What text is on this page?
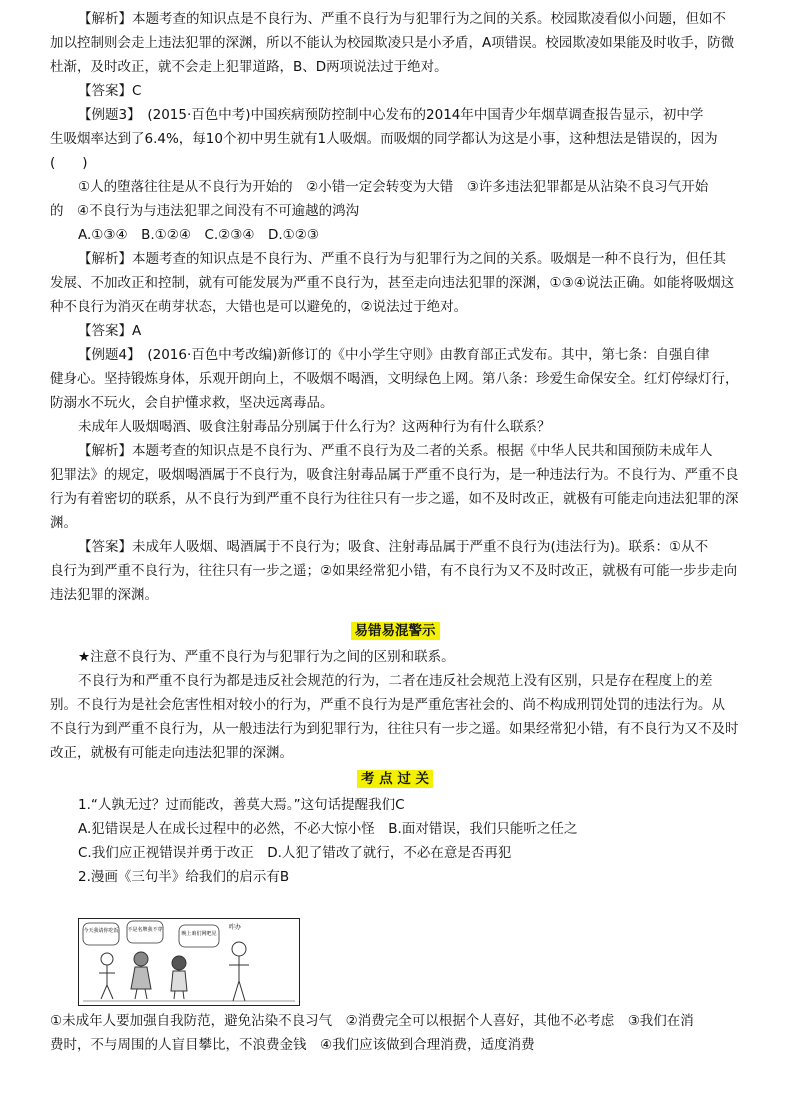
【解析】本题考查的知识点是不良行为、严重不良行为与犯罪行为之间的关系。校园欺凌看似小问题，但如不
加以控制则会走上违法犯罪的深渊，所以不能认为校园欺凌只是小矛盾，A项错误。校园欺凌如果能及时收手，防微
杜渐，及时改正，就不会走上犯罪道路，B、D两项说法过于绝对。
【答案】C
【例题3】　(2015·百色中考)中国疾病预防控制中心发布的2014年中国青少年烟草调查报告显示，初中学
生吸烟率达到了6.4%，每10个初中男生就有1人吸烟。而吸烟的同学都认为这是小事，这种想法是错误的，因为
(　　)
①人的堕落往往是从不良行为开始的　②小错一定会转变为大错　③许多违法犯罪都是从沾染不良习气开始
的　④不良行为与违法犯罪之间没有不可逾越的鸿沟
A.①③④　B.①②④　C.②③④　D.①②③
【解析】本题考查的知识点是不良行为、严重不良行为与犯罪行为之间的关系。吸烟是一种不良行为，但任其
发展、不加改正和控制，就有可能发展为严重不良行为，甚至走向违法犯罪的深渊，①③④说法正确。如能将吸烟这
种不良行为消灭在萌芽状态，大错也是可以避免的，②说法过于绝对。
【答案】A
【例题4】　(2016·百色中考改编)新修订的《中小学生守则》由教育部正式发布。其中，第七条：自强自律
健身心。坚持锻炼身体，乐观开朗向上，不吸烟不喝酒，文明绿色上网。第八条：珍爱生命保安全。红灯停绿灯行，
防溺水不玩火，会自护懂求救，坚决远离毒品。
未成年人吸烟喝酒、吸食注射毒品分别属于什么行为？这两种行为有什么联系？
【解析】本题考查的知识点是不良行为、严重不良行为及二者的关系。根据《中华人民共和国预防未成年人
犯罪法》的规定，吸烟喝酒属于不良行为，吸食注射毒品属于严重不良行为，是一种违法行为。不良行为、严重不良
行为有着密切的联系，从不良行为到严重不良行为往往只有一步之遥，如不及时改正，就极有可能走向违法犯罪的深
渊。
【答案】未成年人吸烟、喝酒属于不良行为；吸食、注射毒品属于严重不良行为(违法行为)。联系：①从不
良行为到严重不良行为，往往只有一步之遥；②如果经常犯小错，有不良行为又不及时改正，就极有可能一步步走向
违法犯罪的深渊。
易错易混警示
★注意不良行为、严重不良行为与犯罪行为之间的区别和联系。
不良行为和严重不良行为都是违反社会规范的行为，二者在违反社会规范上没有区别，只是存在程度上的差
别。不良行为是社会危害性相对较小的行为，严重不良行为是严重危害社会的、尚不构成刑罚处罚的违法行为。从
不良行为到严重不良行为，从一般违法行为到犯罪行为，往往只有一步之遥。如果经常犯小错，有不良行为又不及时
改正，就极有可能走向违法犯罪的深渊。
考 点 过 关
1.“人孰无过？过而能改，善莫大焉。”这句话提醒我们C
A.犯错误是人在成长过程中的必然，不必大惊小怪　B.面对错误，我们只能听之任之
C.我们应正视错误并勇于改正　D.人犯了错改了就行，不必在意是否再犯
2.漫画《三句半》给我们的启示有B
今天我请你吃饭 不是名牌我不穿
晚上咱们网吧见
咋办
①未成年人要加强自我防范，避免沾染不良习气　②消费完全可以根据个人喜好，其他不必考虑　③我们在消
费时，不与周围的人盲目攀比，不浪费金钱　④我们应该做到合理消费，适度消费
